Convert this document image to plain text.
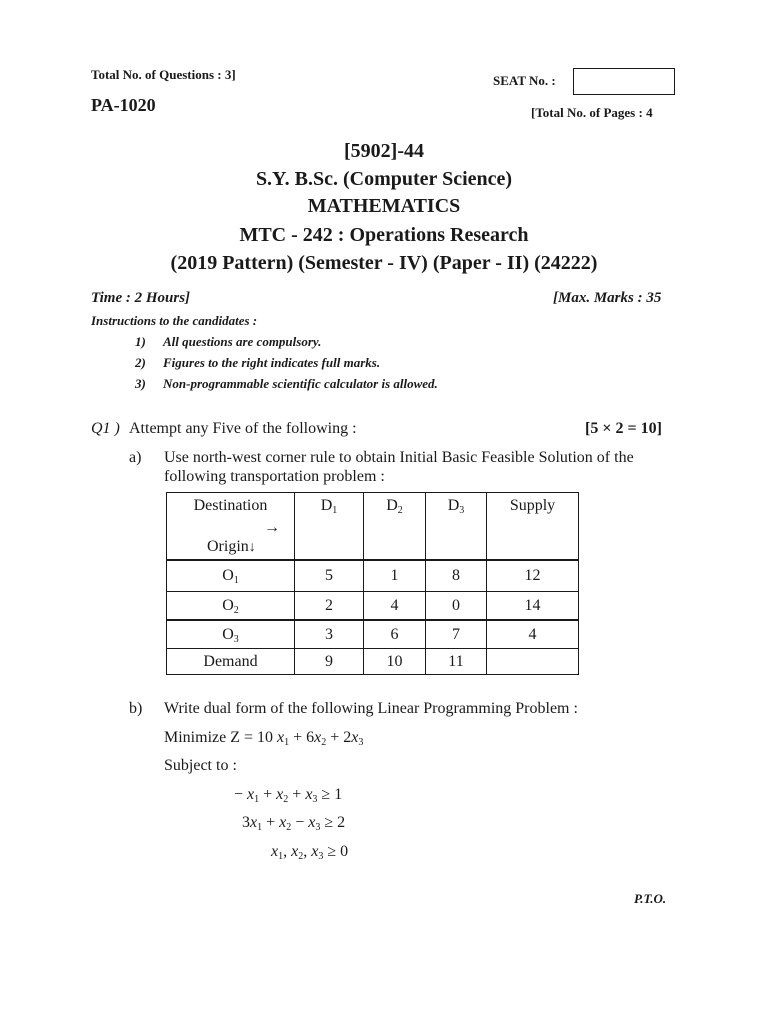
Total No. of Questions : 3]
PA-1020
SEAT No. :
[Total No. of Pages : 4
[5902]-44
S.Y. B.Sc. (Computer Science)
MATHEMATICS
MTC - 242 : Operations Research
(2019 Pattern) (Semester - IV) (Paper - II) (24222)
Time : 2 Hours]	[Max. Marks : 35
Instructions to the candidates :
1) All questions are compulsory.
2) Figures to the right indicates full marks.
3) Non-programmable scientific calculator is allowed.
Q1 ) Attempt any Five of the following :	[5 × 2 = 10]
a) Use north-west corner rule to obtain Initial Basic Feasible Solution of the
following transportation problem :
Destination
→
Origin↓	$D_1$	$D_2$	$D_3$	Supply

$O_1$	5	1	8	12
$O_2$	2	4	0	14
$O_3$	3	6	7	4
Demand	9	10	11	
b) Write dual form of the following Linear Programming Problem :
Minimize Z = 10 $x_1 + 6x_2 + 2x_3$
Subject to :
− $x_1 + x_2 + x_3 \ge 1$
$3x_1 + x_2 - x_3 \ge 2$
$x_1$, $x_2$, $x_3 \ge 0$
P.T.O.
